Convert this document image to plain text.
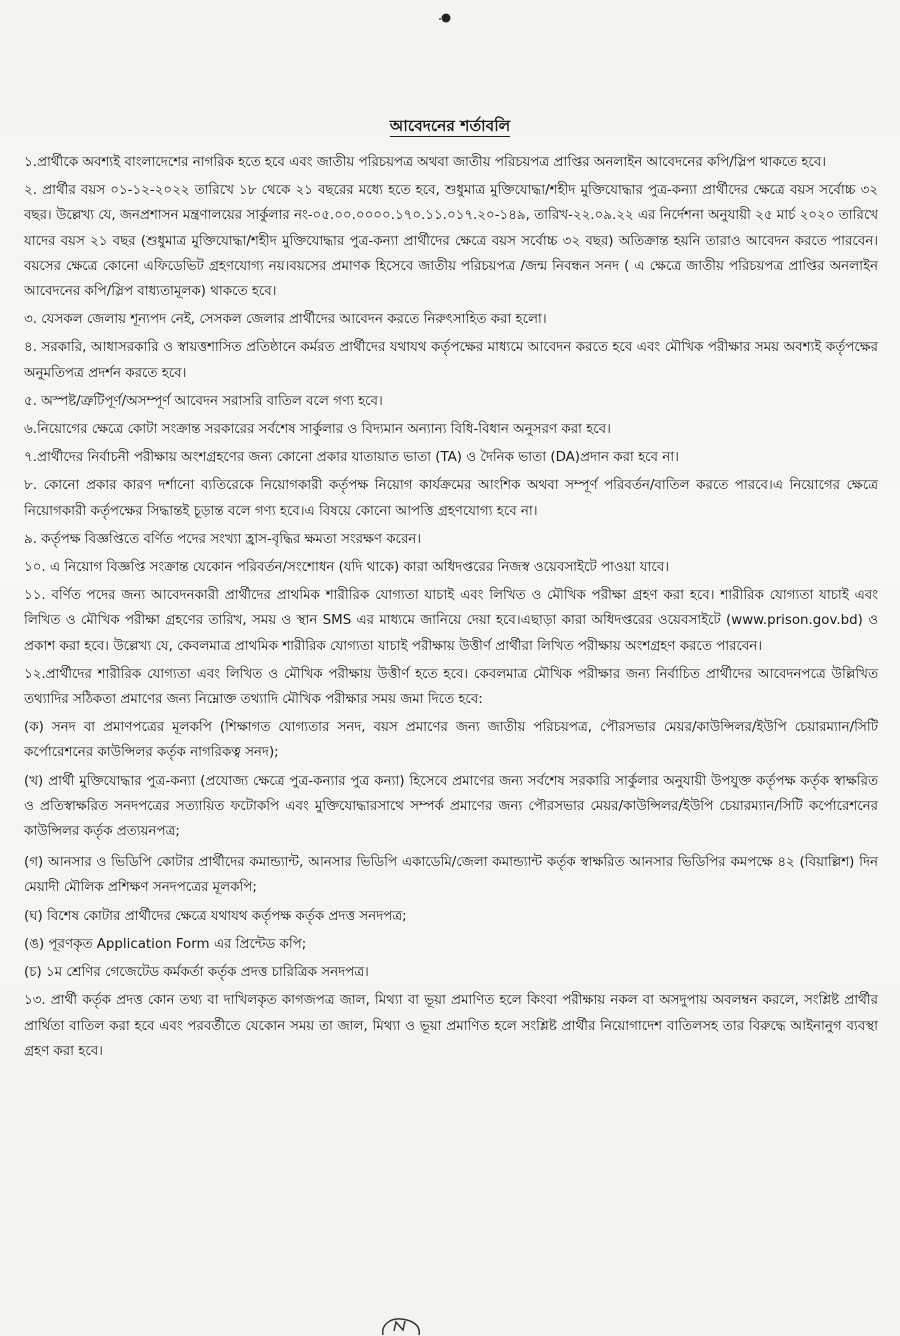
আবেদনের শর্তাবলি

১.প্রার্থীকে অবশ্যই বাংলাদেশের নাগরিক হতে হবে এবং জাতীয় পরিচয়পত্র অথবা জাতীয় পরিচয়পত্র প্রাপ্তির অনলাইন আবেদনের কপি/স্লিপ থাকতে হবে।

২. প্রার্থীর বয়স ০১-১২-২০২২ তারিখে ১৮ থেকে ২১ বছরের মধ্যে হতে হবে, শুধুমাত্র মুক্তিযোদ্ধা/শহীদ মুক্তিযোদ্ধার পুত্র-কন্যা প্রার্থীদের ক্ষেত্রে বয়স সর্বোচ্চ ৩২ বছর। উল্লেখ্য যে, জনপ্রশাসন মন্ত্রণালয়ের সার্কুলার নং-০৫.০০.০০০০.১৭০.১১.০১৭.২০-১৪৯, তারিখ-২২.০৯.২২ এর নির্দেশনা অনুযায়ী ২৫ মার্চ ২০২০ তারিখে যাদের বয়স ২১ বছর (শুধুমাত্র মুক্তিযোদ্ধা/শহীদ মুক্তিযোদ্ধার পুত্র-কন্যা প্রার্থীদের ক্ষেত্রে বয়স সর্বোচ্চ ৩২ বছর) অতিক্রান্ত হয়নি তারাও আবেদন করতে পারবেন।বয়সের ক্ষেত্রে কোনো এফিডেভিট গ্রহণযোগ্য নয়।বয়সের প্রমাণক হিসেবে জাতীয় পরিচয়পত্র /জন্ম নিবন্ধন সনদ ( এ ক্ষেত্রে জাতীয় পরিচয়পত্র প্রাপ্তির অনলাইন আবেদনের কপি/স্লিপ বাধ্যতামূলক) থাকতে হবে।

৩. যেসকল জেলায় শূন্যপদ নেই, সেসকল জেলার প্রার্থীদের আবেদন করতে নিরুৎসাহিত করা হলো।

৪. সরকারি, আধাসরকারি ও স্বায়ত্তশাসিত প্রতিষ্ঠানে কর্মরত প্রার্থীদের যথাযথ কর্তৃপক্ষের মাধ্যমে আবেদন করতে হবে এবং মৌখিক পরীক্ষার সময় অবশ্যই কর্তৃপক্ষের অনুমতিপত্র প্রদর্শন করতে হবে।

৫. অস্পষ্ট/ত্রুটিপূর্ণ/অসম্পূর্ণ আবেদন সরাসরি বাতিল বলে গণ্য হবে।

৬.নিয়োগের ক্ষেত্রে কোটা সংক্রান্ত সরকারের সর্বশেষ সার্কুলার ও বিদ্যমান অন্যান্য বিধি-বিধান অনুসরণ করা হবে।

৭.প্রার্থীদের নির্বাচনী পরীক্ষায় অংশগ্রহণের জন্য কোনো প্রকার যাতায়াত ভাতা (TA) ও দৈনিক ভাতা (DA)প্রদান করা হবে না।

৮. কোনো প্রকার কারণ দর্শানো ব্যতিরেকে নিয়োগকারী কর্তৃপক্ষ নিয়োগ কার্যক্রমের আংশিক অথবা সম্পূর্ণ পরিবর্তন/বাতিল করতে পারবে।এ নিয়োগের ক্ষেত্রে নিয়োগকারী কর্তৃপক্ষের সিদ্ধান্তই চূড়ান্ত বলে গণ্য হবে।এ বিষয়ে কোনো আপত্তি গ্রহণযোগ্য হবে না।

৯. কর্তৃপক্ষ বিজ্ঞপ্তিতে বর্ণিত পদের সংখ্যা হ্রাস-বৃদ্ধির ক্ষমতা সংরক্ষণ করেন।

১০. এ নিয়োগ বিজ্ঞপ্তি সংক্রান্ত যেকোন পরিবর্তন/সংশোধন (যদি থাকে) কারা অধিদপ্তরের নিজস্ব ওয়েবসাইটে পাওয়া যাবে।

১১. বর্ণিত পদের জন্য আবেদনকারী প্রার্থীদের প্রাথমিক শারীরিক যোগ্যতা যাচাই এবং লিখিত ও মৌখিক পরীক্ষা গ্রহণ করা হবে। শারীরিক যোগ্যতা যাচাই এবং লিখিত ও মৌখিক পরীক্ষা গ্রহণের তারিখ, সময় ও স্থান SMS এর মাধ্যমে জানিয়ে দেয়া হবে।এছাড়া কারা অধিদপ্তরের ওয়েবসাইটে (www.prison.gov.bd) ও প্রকাশ করা হবে। উল্লেখ্য যে, কেবলমাত্র প্রাথমিক শারীরিক যোগ্যতা যাচাই পরীক্ষায় উত্তীর্ণ প্রার্থীরা লিখিত পরীক্ষায় অংশগ্রহণ করতে পারবেন।

১২.প্রার্থীদের শারীরিক যোগ্যতা এবং লিখিত ও মৌখিক পরীক্ষায় উত্তীর্ণ হতে হবে। কেবলমাত্র মৌখিক পরীক্ষার জন্য নির্বাচিত প্রার্থীদের আবেদনপত্রে উল্লিখিত তথ্যাদির সঠিকতা প্রমাণের জন্য নিম্নোক্ত তথ্যাদি মৌখিক পরীক্ষার সময় জমা দিতে হবে:

(ক) সনদ বা প্রমাণপত্রের মূলকপি (শিক্ষাগত যোগ্যতার সনদ, বয়স প্রমাণের জন্য জাতীয় পরিচয়পত্র, পৌরসভার মেয়র/কাউন্সিলর/ইউপি চেয়ারম্যান/সিটি কর্পোরেশনের কাউন্সিলর কর্তৃক নাগরিকত্ব সনদ);

(খ) প্রার্থী মুক্তিযোদ্ধার পুত্র-কন্যা (প্রযোজ্য ক্ষেত্রে পুত্র-কন্যার পুত্র কন্যা) হিসেবে প্রমাণের জন্য সর্বশেষ সরকারি সার্কুলার অনুযায়ী উপযুক্ত কর্তৃপক্ষ কর্তৃক স্বাক্ষরিত ও প্রতিস্বাক্ষরিত সনদপত্রের সত্যায়িত ফটোকপি এবং মুক্তিযোদ্ধারসাথে সম্পর্ক প্রমাণের জন্য পৌরসভার মেয়র/কাউন্সিলর/ইউপি চেয়ারম্যান/সিটি কর্পোরেশনের কাউন্সিলর কর্তৃক প্রত্যয়নপত্র;

(গ) আনসার ও ভিডিপি কোটার প্রার্থীদের কমান্ড্যান্ট, আনসার ভিডিপি একাডেমি/জেলা কমান্ড্যান্ট কর্তৃক স্বাক্ষরিত আনসার ভিডিপির কমপক্ষে ৪২ (বিয়াল্লিশ) দিন মেয়াদী মৌলিক প্রশিক্ষণ সনদপত্রের মূলকপি;

(ঘ) বিশেষ কোটার প্রার্থীদের ক্ষেত্রে যথাযথ কর্তৃপক্ষ কর্তৃক প্রদত্ত সনদপত্র;

(ঙ) পূরণকৃত Application Form এর প্রিন্টেড কপি;

(চ) ১ম শ্রেণির গেজেটেড কর্মকর্তা কর্তৃক প্রদত্ত চারিত্রিক সনদপত্র।

১৩. প্রার্থী কর্তৃক প্রদত্ত কোন তথ্য বা দাখিলকৃত কাগজপত্র জাল, মিথ্যা বা ভূয়া প্রমাণিত হলে কিংবা পরীক্ষায় নকল বা অসদুপায় অবলম্বন করলে, সংশ্লিষ্ট প্রার্থীর প্রার্থিতা বাতিল করা হবে এবং পরবর্তীতে যেকোন সময় তা জাল, মিথ্যা ও ভূয়া প্রমাণিত হলে সংশ্লিষ্ট প্রার্থীর নিয়োগাদেশ বাতিলসহ তার বিরুদ্ধে আইনানুগ ব্যবস্থা গ্রহণ করা হবে।
